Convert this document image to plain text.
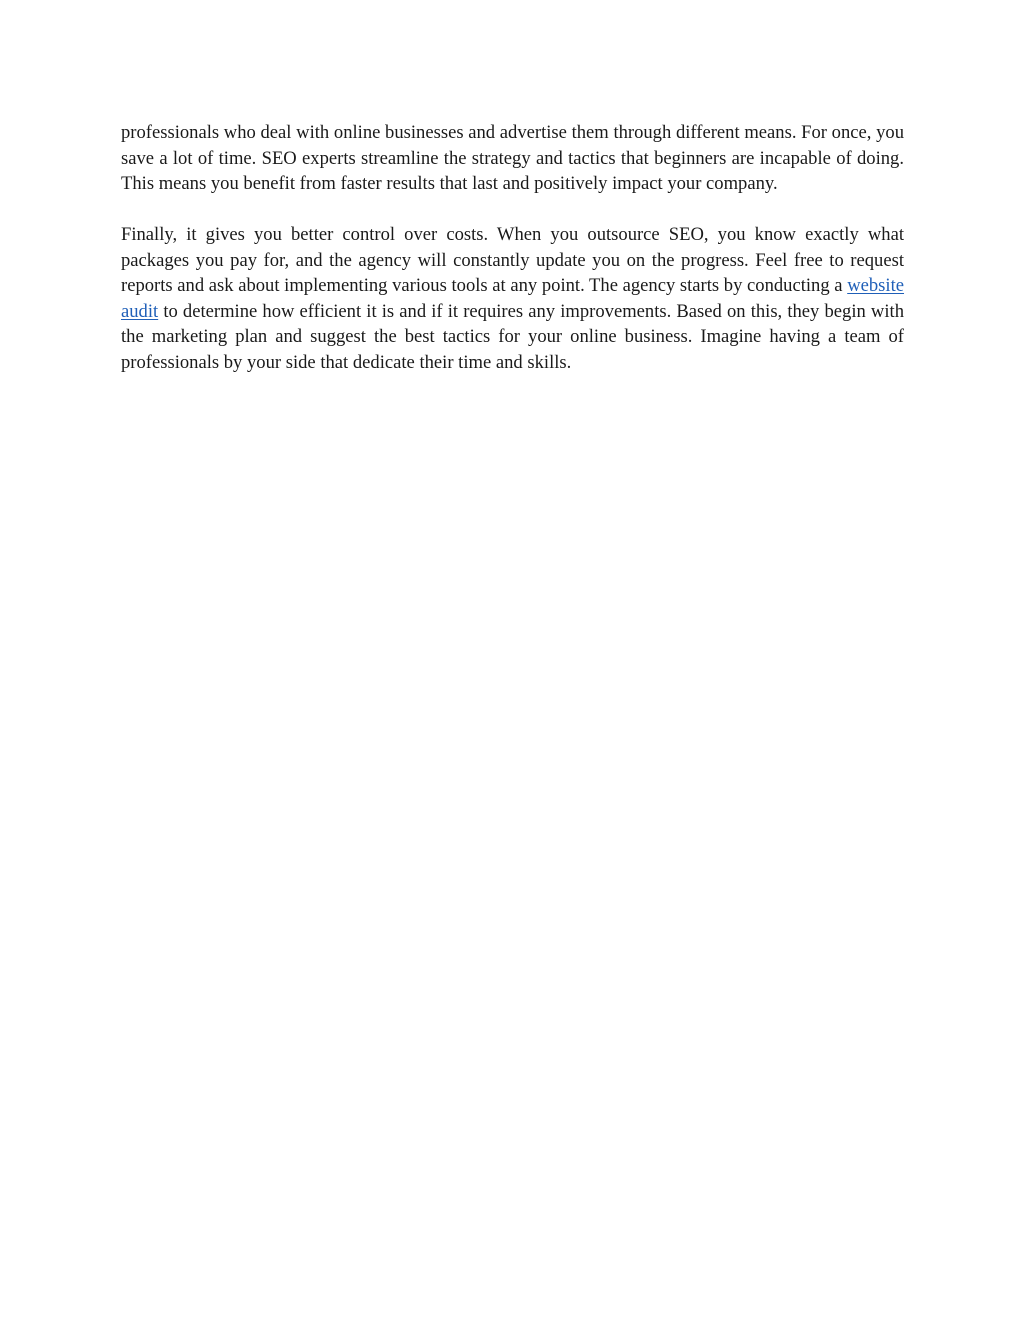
professionals who deal with online businesses and advertise them through different means. For once, you save a lot of time. SEO experts streamline the strategy and tactics that beginners are incapable of doing. This means you benefit from faster results that last and positively impact your company.

Finally, it gives you better control over costs. When you outsource SEO, you know exactly what packages you pay for, and the agency will constantly update you on the progress. Feel free to request reports and ask about implementing various tools at any point. The agency starts by conducting a website audit to determine how efficient it is and if it requires any improvements. Based on this, they begin with the marketing plan and suggest the best tactics for your online business. Imagine having a team of professionals by your side that dedicate their time and skills.
